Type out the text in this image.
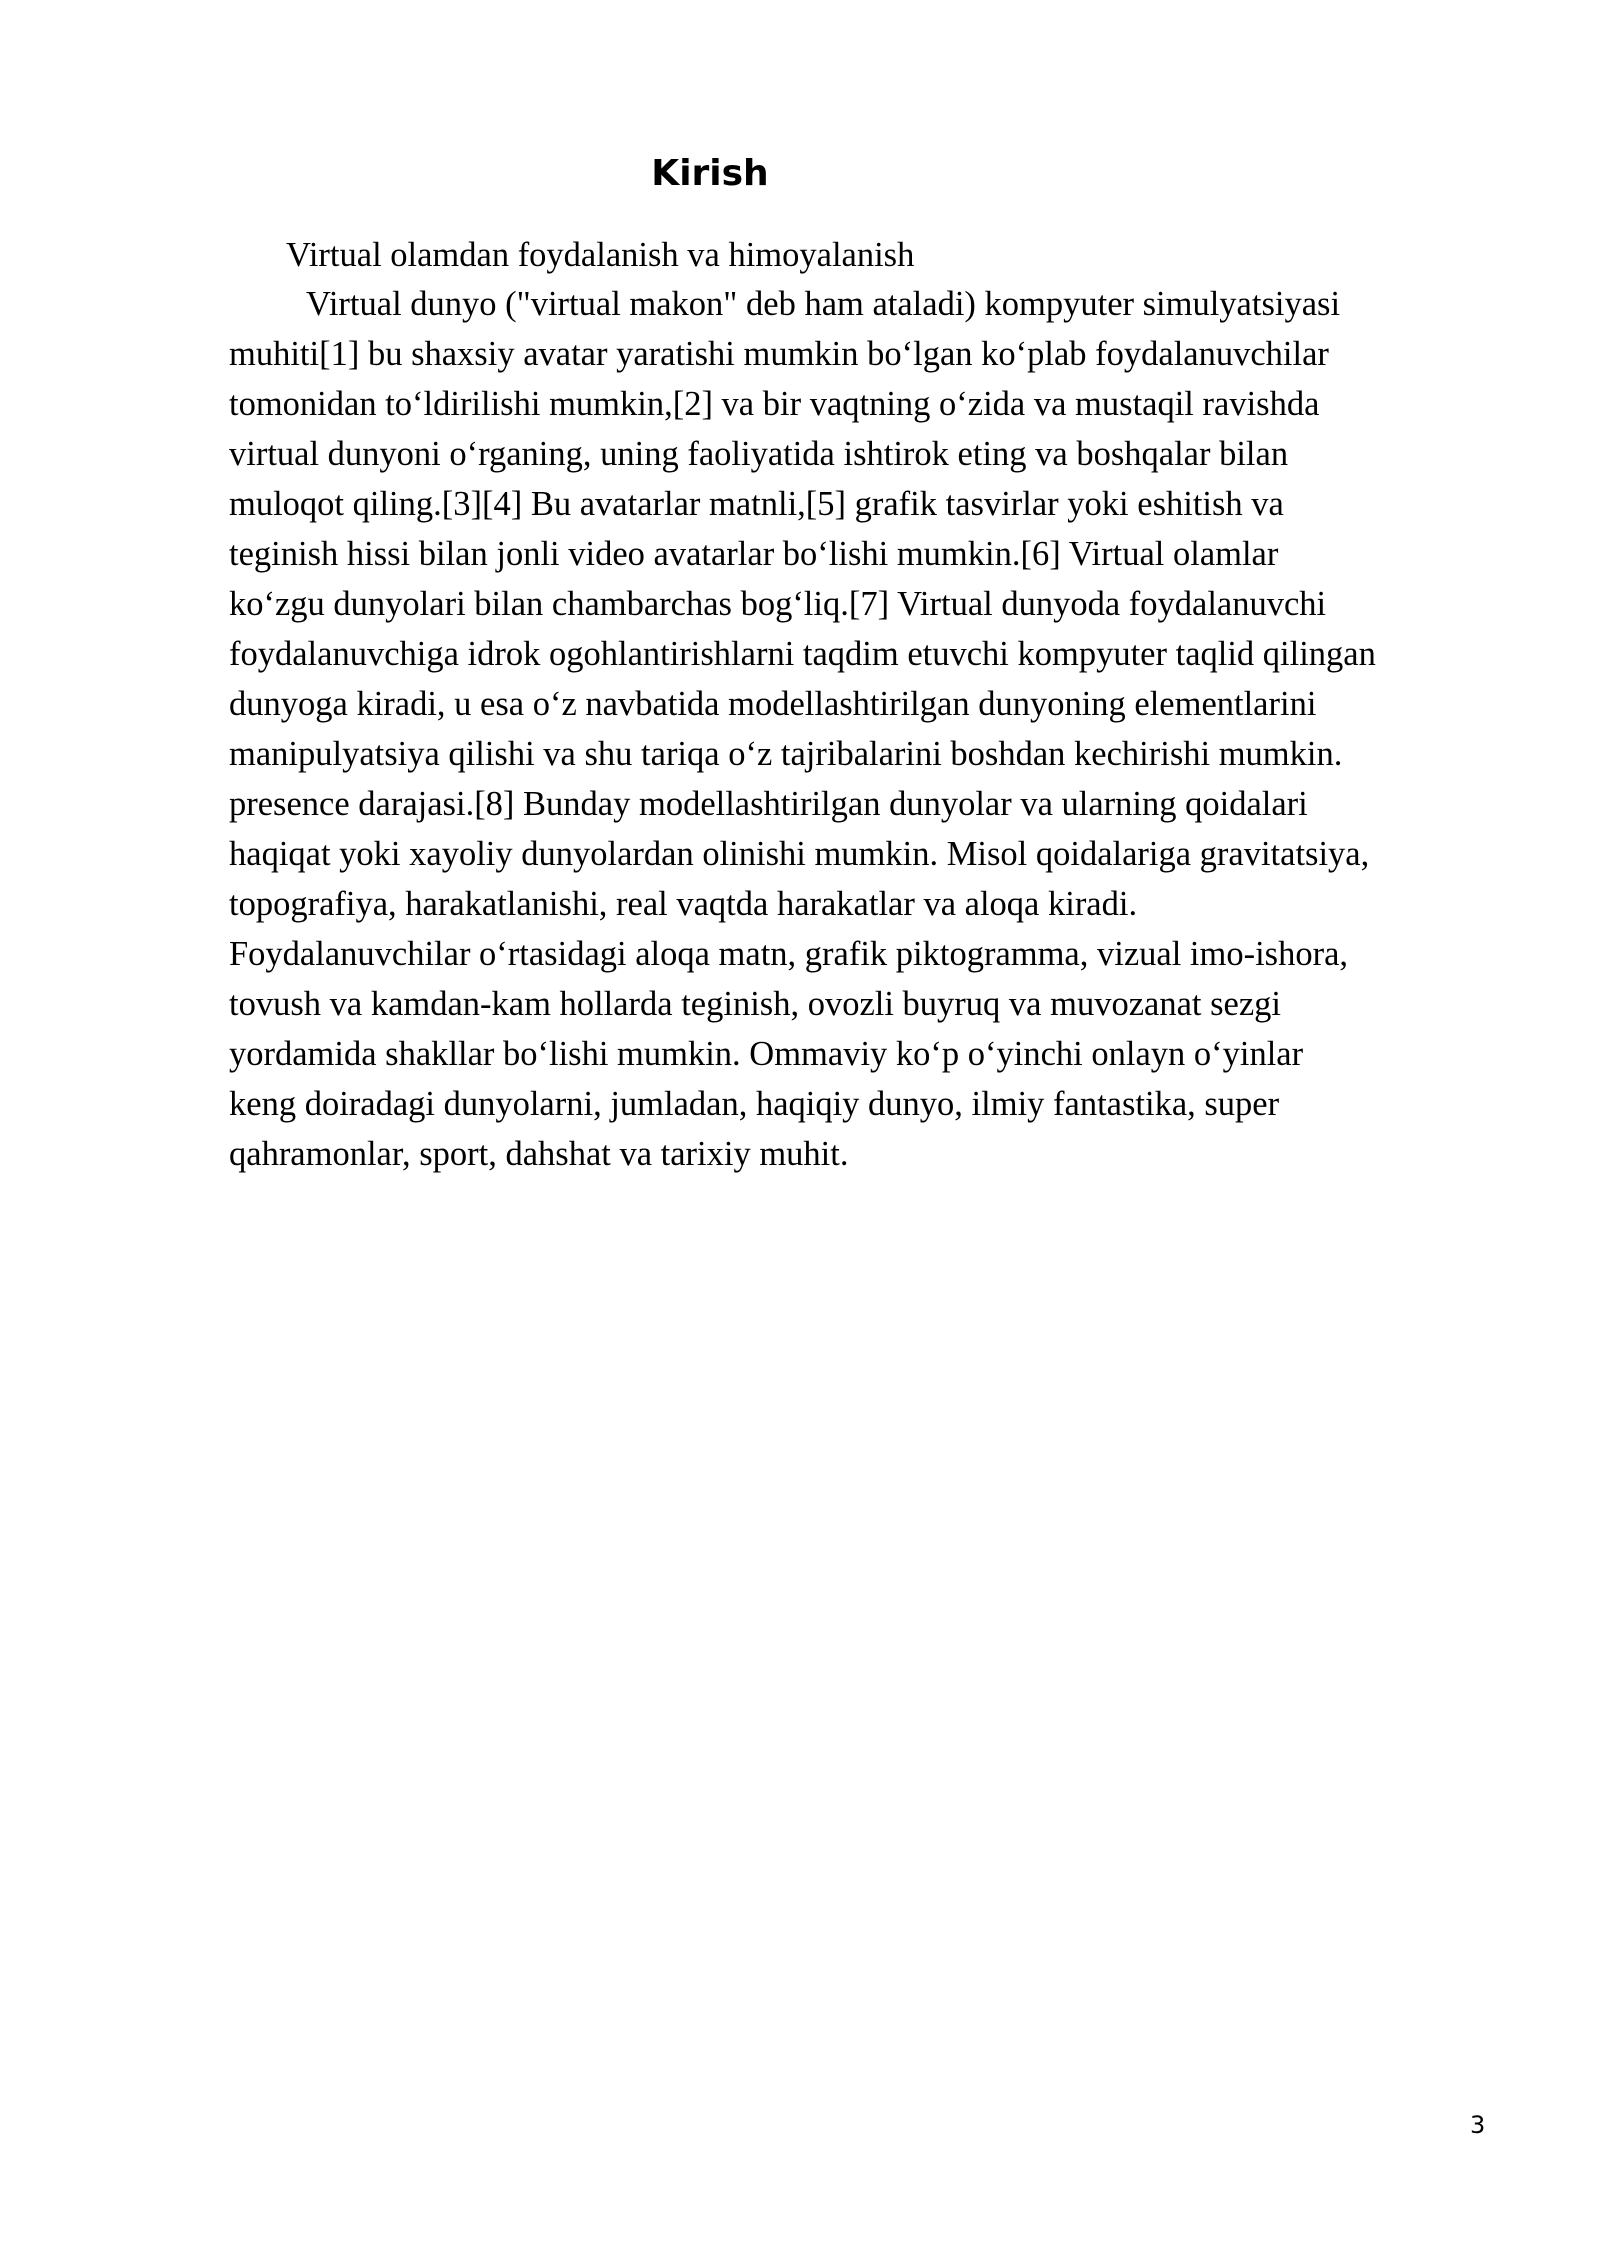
Kirish
Virtual olamdan foydalanish va himoyalanish
Virtual dunyo ("virtual makon" deb ham ataladi) kompyuter simulyatsiyasi
muhiti[1] bu shaxsiy avatar yaratishi mumkin bo‘lgan ko‘plab foydalanuvchilar
tomonidan to‘ldirilishi mumkin,[2] va bir vaqtning o‘zida va mustaqil ravishda
virtual dunyoni o‘rganing, uning faoliyatida ishtirok eting va boshqalar bilan
muloqot qiling.[3][4] Bu avatarlar matnli,[5] grafik tasvirlar yoki eshitish va
teginish hissi bilan jonli video avatarlar bo‘lishi mumkin.[6] Virtual olamlar
ko‘zgu dunyolari bilan chambarchas bog‘liq.[7] Virtual dunyoda foydalanuvchi
foydalanuvchiga idrok ogohlantirishlarni taqdim etuvchi kompyuter taqlid qilingan
dunyoga kiradi, u esa o‘z navbatida modellashtirilgan dunyoning elementlarini
manipulyatsiya qilishi va shu tariqa o‘z tajribalarini boshdan kechirishi mumkin.
presence darajasi.[8] Bunday modellashtirilgan dunyolar va ularning qoidalari
haqiqat yoki xayoliy dunyolardan olinishi mumkin. Misol qoidalariga gravitatsiya,
topografiya, harakatlanishi, real vaqtda harakatlar va aloqa kiradi.
Foydalanuvchilar o‘rtasidagi aloqa matn, grafik piktogramma, vizual imo-ishora,
tovush va kamdan-kam hollarda teginish, ovozli buyruq va muvozanat sezgi
yordamida shakllar bo‘lishi mumkin. Ommaviy ko‘p o‘yinchi onlayn o‘yinlar
keng doiradagi dunyolarni, jumladan, haqiqiy dunyo, ilmiy fantastika, super
qahramonlar, sport, dahshat va tarixiy muhit.
3
